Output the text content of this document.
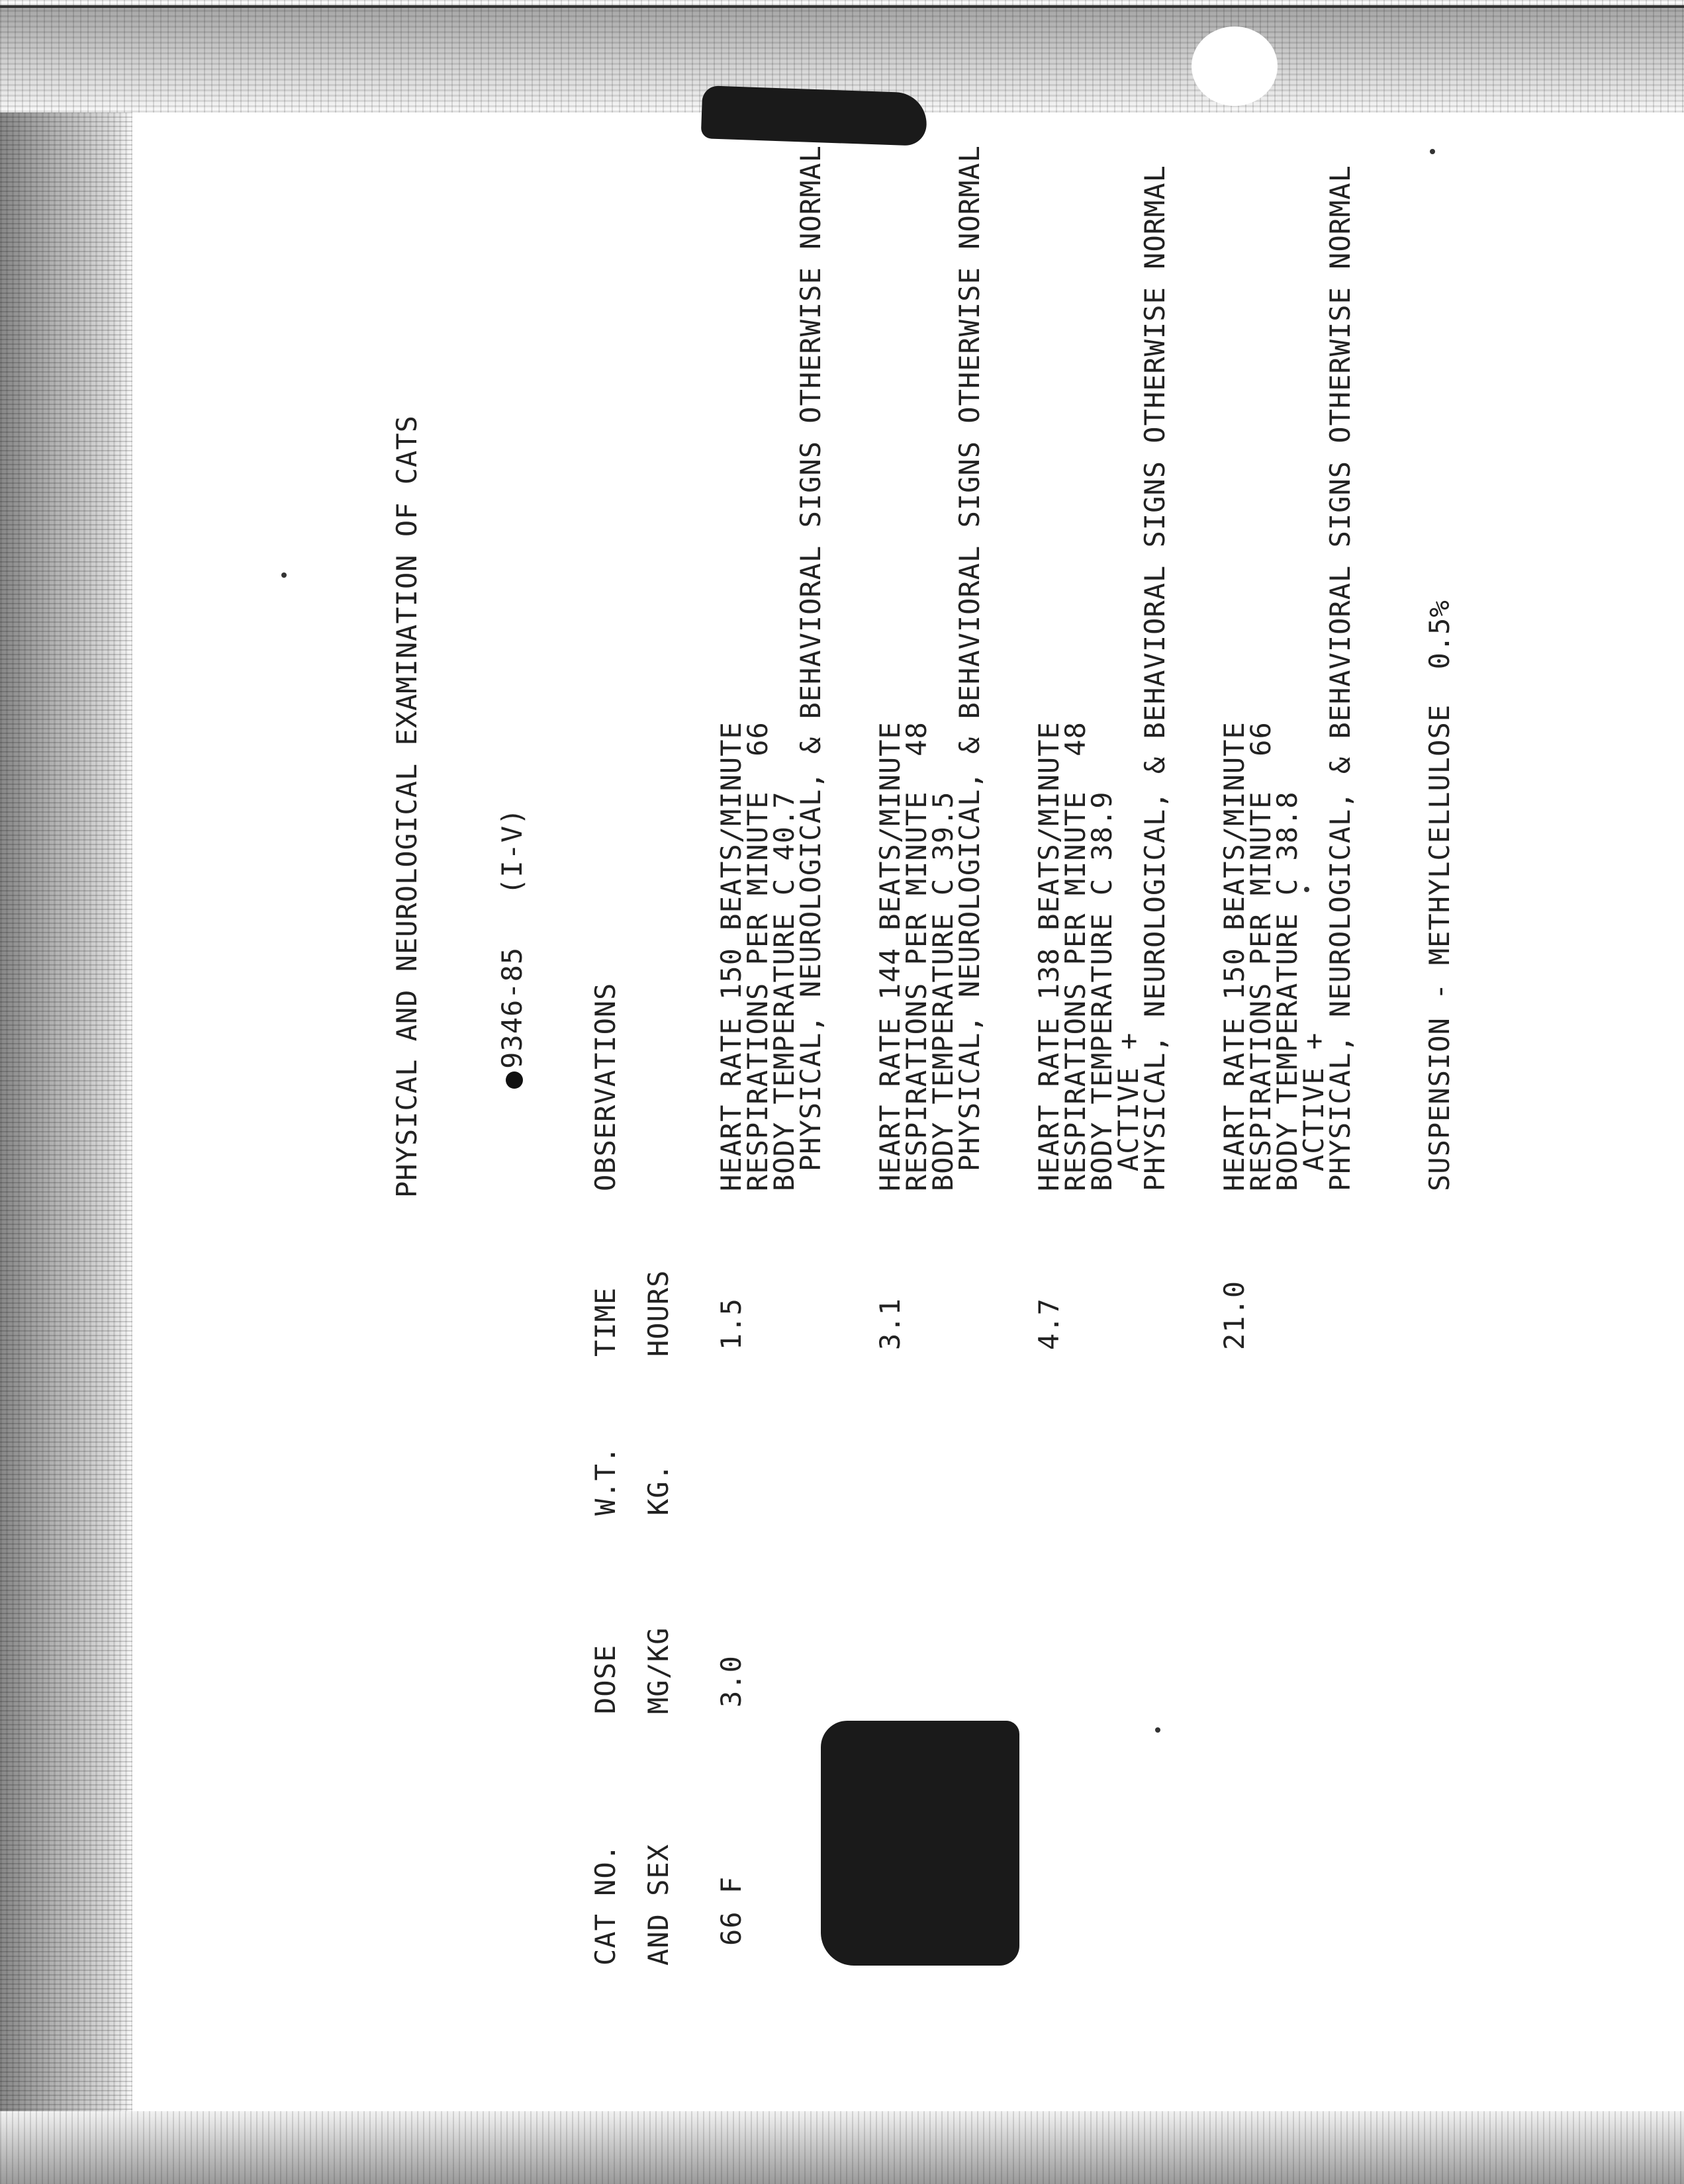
PHYSICAL AND NEUROLOGICAL EXAMINATION OF CATS	9346-85   (I-V)

CAT NO. AND SEX
DOSE MG/KG
W.T. KG.
TIME HOURS
OBSERVATIONS
66 F
3.0
1.5
HEART RATE 150 BEATS/MINUTE
RESPIRATIONS PER MINUTE  66
BODY TEMPERATURE C 40.7
PHYSICAL, NEUROLOGICAL, & BEHAVIORAL SIGNS OTHERWISE NORMAL
3.1
HEART RATE 144 BEATS/MINUTE
RESPIRATIONS PER MINUTE  48
BODY TEMPERATURE C 39.5
PHYSICAL, NEUROLOGICAL, & BEHAVIORAL SIGNS OTHERWISE NORMAL
4.7
HEART RATE 138 BEATS/MINUTE
RESPIRATIONS PER MINUTE  48
BODY TEMPERATURE C 38.9
ACTIVE +
PHYSICAL, NEUROLOGICAL, & BEHAVIORAL SIGNS OTHERWISE NORMAL
21.0
HEART RATE 150 BEATS/MINUTE
RESPIRATIONS PER MINUTE  66
BODY TEMPERATURE C 38.8
ACTIVE +
PHYSICAL, NEUROLOGICAL, & BEHAVIORAL SIGNS OTHERWISE NORMAL SUSPENSION - METHYLCELLULOSE  0.5%
